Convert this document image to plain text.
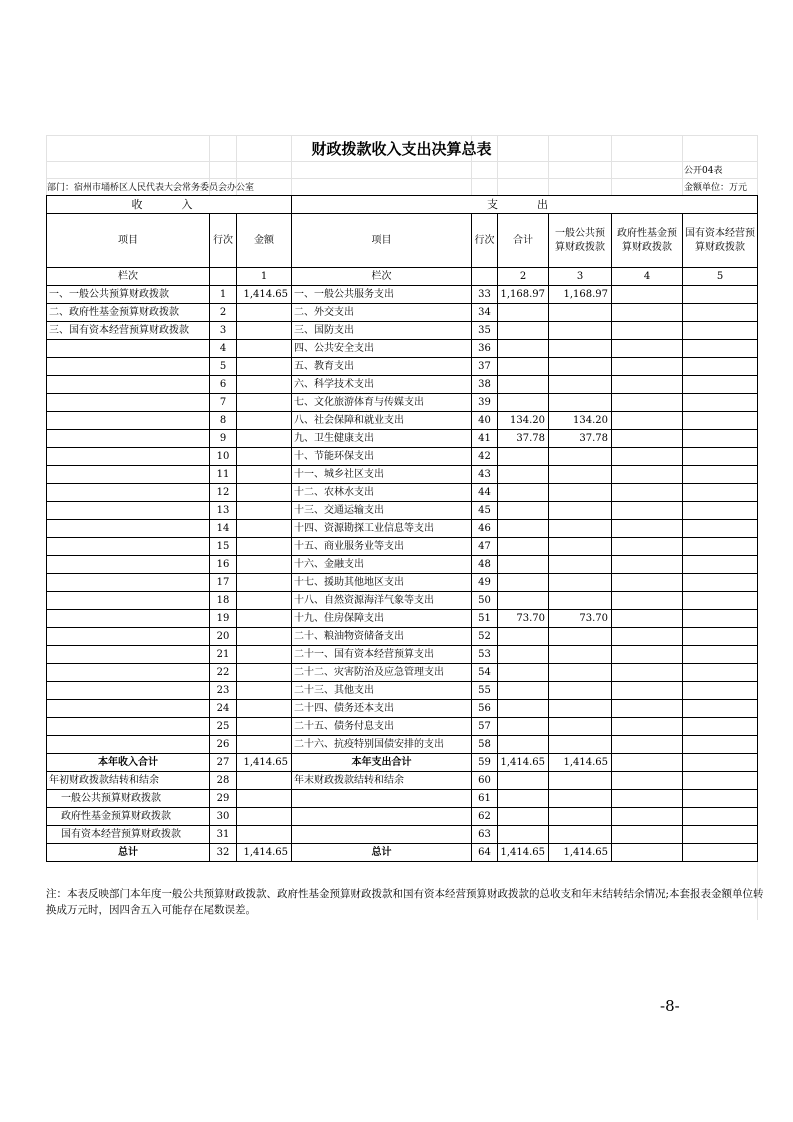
财政拨款收入支出决算总表
公开04表
部门：宿州市埇桥区人民代表大会常务委员会办公室	金额单位：万元
收　入			支　出					
项目	行次	金额	项目	行次	合计	一般公共预算财政拨款	政府性基金预算财政拨款	国有资本经营预算财政拨款
栏次		1	栏次		2	3	4	5
一、一般公共预算财政拨款	1	1,414.65	一、一般公共服务支出	33	1,168.97	1,168.97		
二、政府性基金预算财政拨款	2		二、外交支出	34				
三、国有资本经营预算财政拨款	3		三、国防支出	35				
	4		四、公共安全支出	36				
	5		五、教育支出	37				
	6		六、科学技术支出	38				
	7		七、文化旅游体育与传媒支出	39				
	8		八、社会保障和就业支出	40	134.20	134.20		
	9		九、卫生健康支出	41	37.78	37.78		
	10		十、节能环保支出	42				
	11		十一、城乡社区支出	43				
	12		十二、农林水支出	44				
	13		十三、交通运输支出	45				
	14		十四、资源勘探工业信息等支出	46				
	15		十五、商业服务业等支出	47				
	16		十六、金融支出	48				
	17		十七、援助其他地区支出	49				
	18		十八、自然资源海洋气象等支出	50				
	19		十九、住房保障支出	51	73.70	73.70		
	20		二十、粮油物资储备支出	52				
	21		二十一、国有资本经营预算支出	53				
	22		二十二、灾害防治及应急管理支出	54				
	23		二十三、其他支出	55				
	24		二十四、债务还本支出	56				
	25		二十五、债务付息支出	57				
	26		二十六、抗疫特别国债安排的支出	58				
本年收入合计	27	1,414.65	本年支出合计	59	1,414.65	1,414.65		
年初财政拨款结转和结余	28		年末财政拨款结转和结余	60				
一般公共预算财政拨款	29			61				
政府性基金预算财政拨款	30			62				
国有资本经营预算财政拨款	31			63				
总计	32	1,414.65	总计	64	1,414.65	1,414.65		
注：本表反映部门本年度一般公共预算财政拨款、政府性基金预算财政拨款和国有资本经营预算财政拨款的总收支和年末结转结余情况;本套报表金额单位转换成万元时，因四舍五入可能存在尾数误差。
-8-
